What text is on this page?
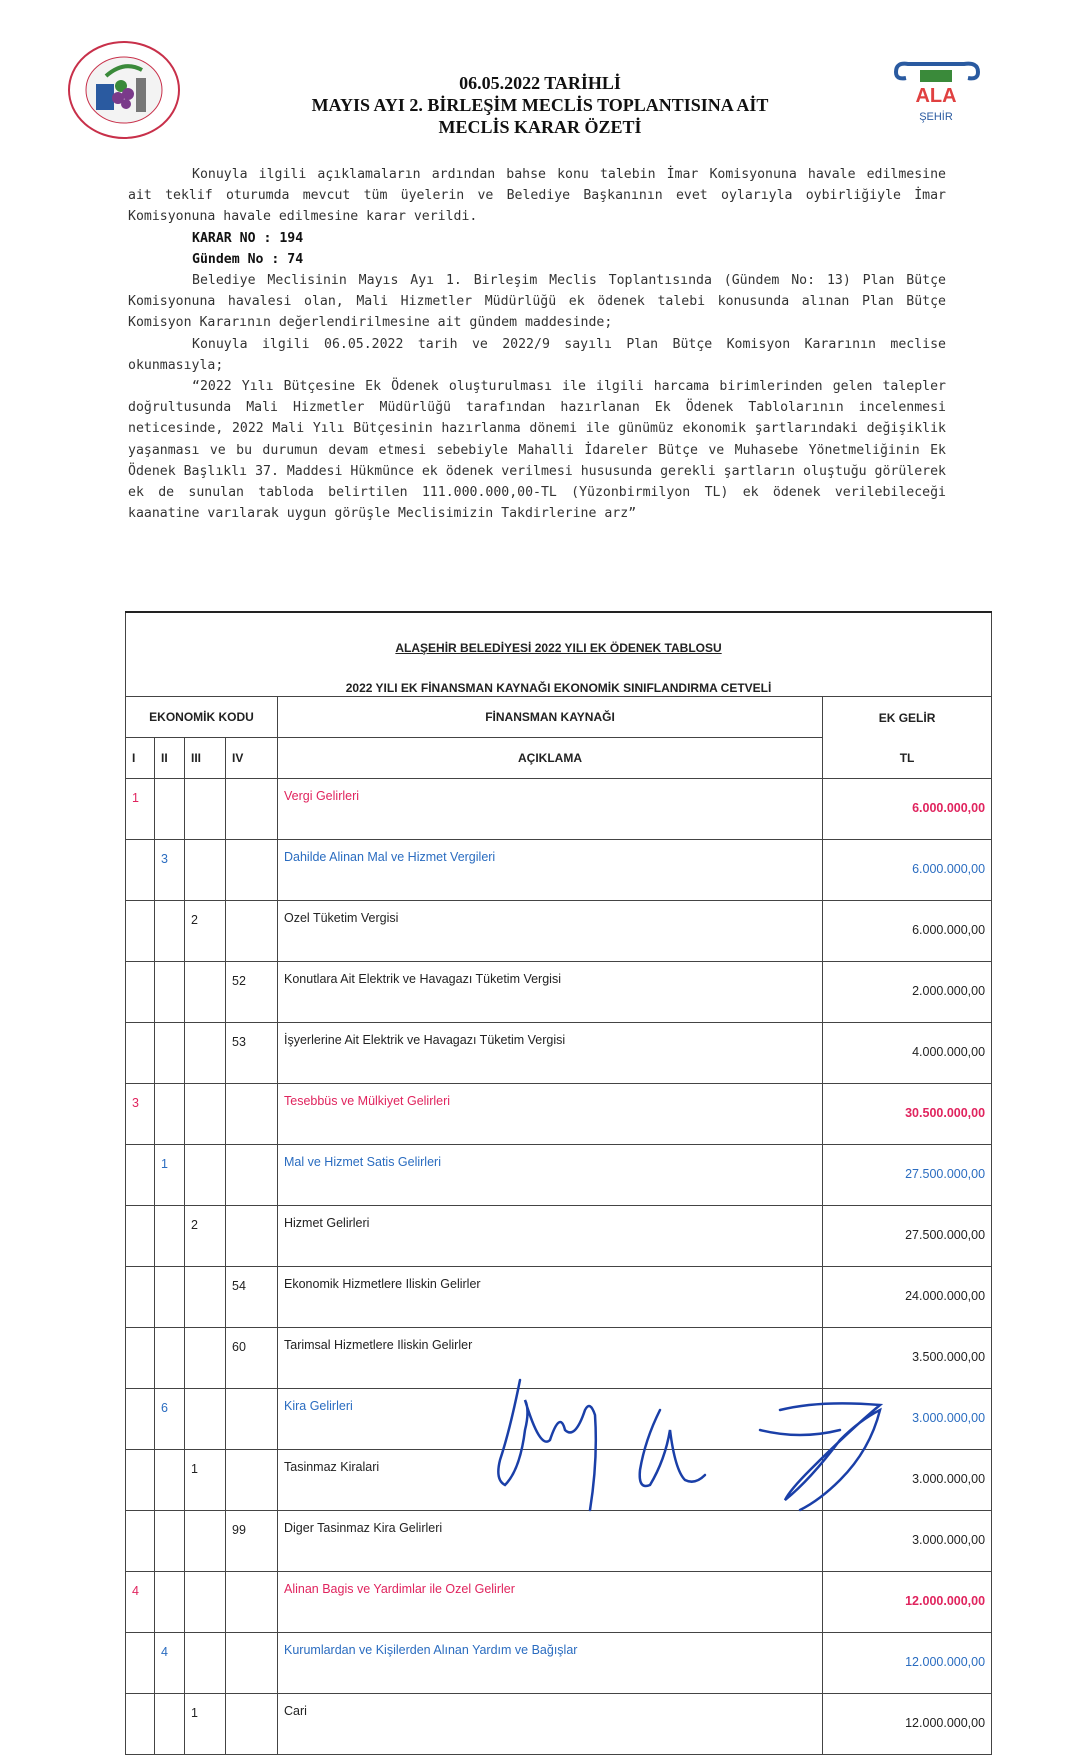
ALA
ŞEHİR
06.05.2022 TARİHLİ
MAYIS AYI 2. BİRLEŞİM MECLİS TOPLANTISINA AİT
MECLİS KARAR ÖZETİ

Konuyla ilgili açıklamaların ardından bahse konu talebin İmar Komisyonuna havale edilmesine ait teklif oturumda mevcut tüm üyelerin ve Belediye Başkanının evet oylarıyla oybirliğiyle İmar Komisyonuna havale edilmesine karar verildi.

KARAR NO : 194

Gündem No : 74

Belediye Meclisinin Mayıs Ayı 1. Birleşim Meclis Toplantısında (Gündem No: 13) Plan Bütçe Komisyonuna havalesi olan, Mali Hizmetler Müdürlüğü ek ödenek talebi konusunda alınan Plan Bütçe Komisyon Kararının değerlendirilmesine ait gündem maddesinde;

Konuyla ilgili 06.05.2022 tarih ve 2022/9 sayılı Plan Bütçe Komisyon Kararının meclise okunmasıyla;

“2022 Yılı Bütçesine Ek Ödenek oluşturulması ile ilgili harcama birimlerinden gelen talepler doğrultusunda Mali Hizmetler Müdürlüğü tarafından hazırlanan Ek Ödenek Tablolarının incelenmesi neticesinde, 2022 Mali Yılı Bütçesinin hazırlanma dönemi ile günümüz ekonomik şartlarındaki değişiklik yaşanması ve bu durumun devam etmesi sebebiyle Mahalli İdareler Bütçe ve Muhasebe Yönetmeliğinin Ek Ödenek Başlıklı 37. Maddesi Hükmünce ek ödenek verilmesi hususunda gerekli şartların oluştuğu görülerek ek de sunulan tabloda belirtilen 111.000.000,00-TL (Yüzonbirmilyon TL) ek ödenek verilebileceği kaanatine varılarak uygun görüşle Meclisimizin Takdirlerine arz”

ALAŞEHİR BELEDİYESİ 2022 YILI EK ÖDENEK TABLOSU
2022 YILI EK FİNANSMAN KAYNAĞI EKONOMİK SINIFLANDIRMA CETVELİ					

EKONOMİK KODU				FİNANSMAN KAYNAĞI	EK GELİR
TL

I	II	III	IV	AÇIKLAMA	
1				Vergi Gelirleri	6.000.000,00
	3			Dahilde Alinan Mal ve Hizmet Vergileri	6.000.000,00
		2		Ozel Tüketim Vergisi	6.000.000,00
			52	Konutlara Ait Elektrik ve Havagazı Tüketim Vergisi	2.000.000,00
			53	İşyerlerine Ait Elektrik ve Havagazı Tüketim Vergisi	4.000.000,00
3				Tesebbüs ve Mülkiyet Gelirleri	30.500.000,00
	1			Mal ve Hizmet Satis Gelirleri	27.500.000,00
		2		Hizmet Gelirleri	27.500.000,00
			54	Ekonomik Hizmetlere Iliskin Gelirler	24.000.000,00
			60	Tarimsal Hizmetlere Iliskin Gelirler	3.500.000,00
	6			Kira Gelirleri	3.000.000,00
		1		Tasinmaz Kiralari	3.000.000,00
			99	Diger Tasinmaz Kira Gelirleri	3.000.000,00
4				Alinan Bagis ve Yardimlar ile Ozel Gelirler	12.000.000,00
	4			Kurumlardan ve Kişilerden Alınan Yardım ve Bağışlar	12.000.000,00
		1		Cari	12.000.000,00
